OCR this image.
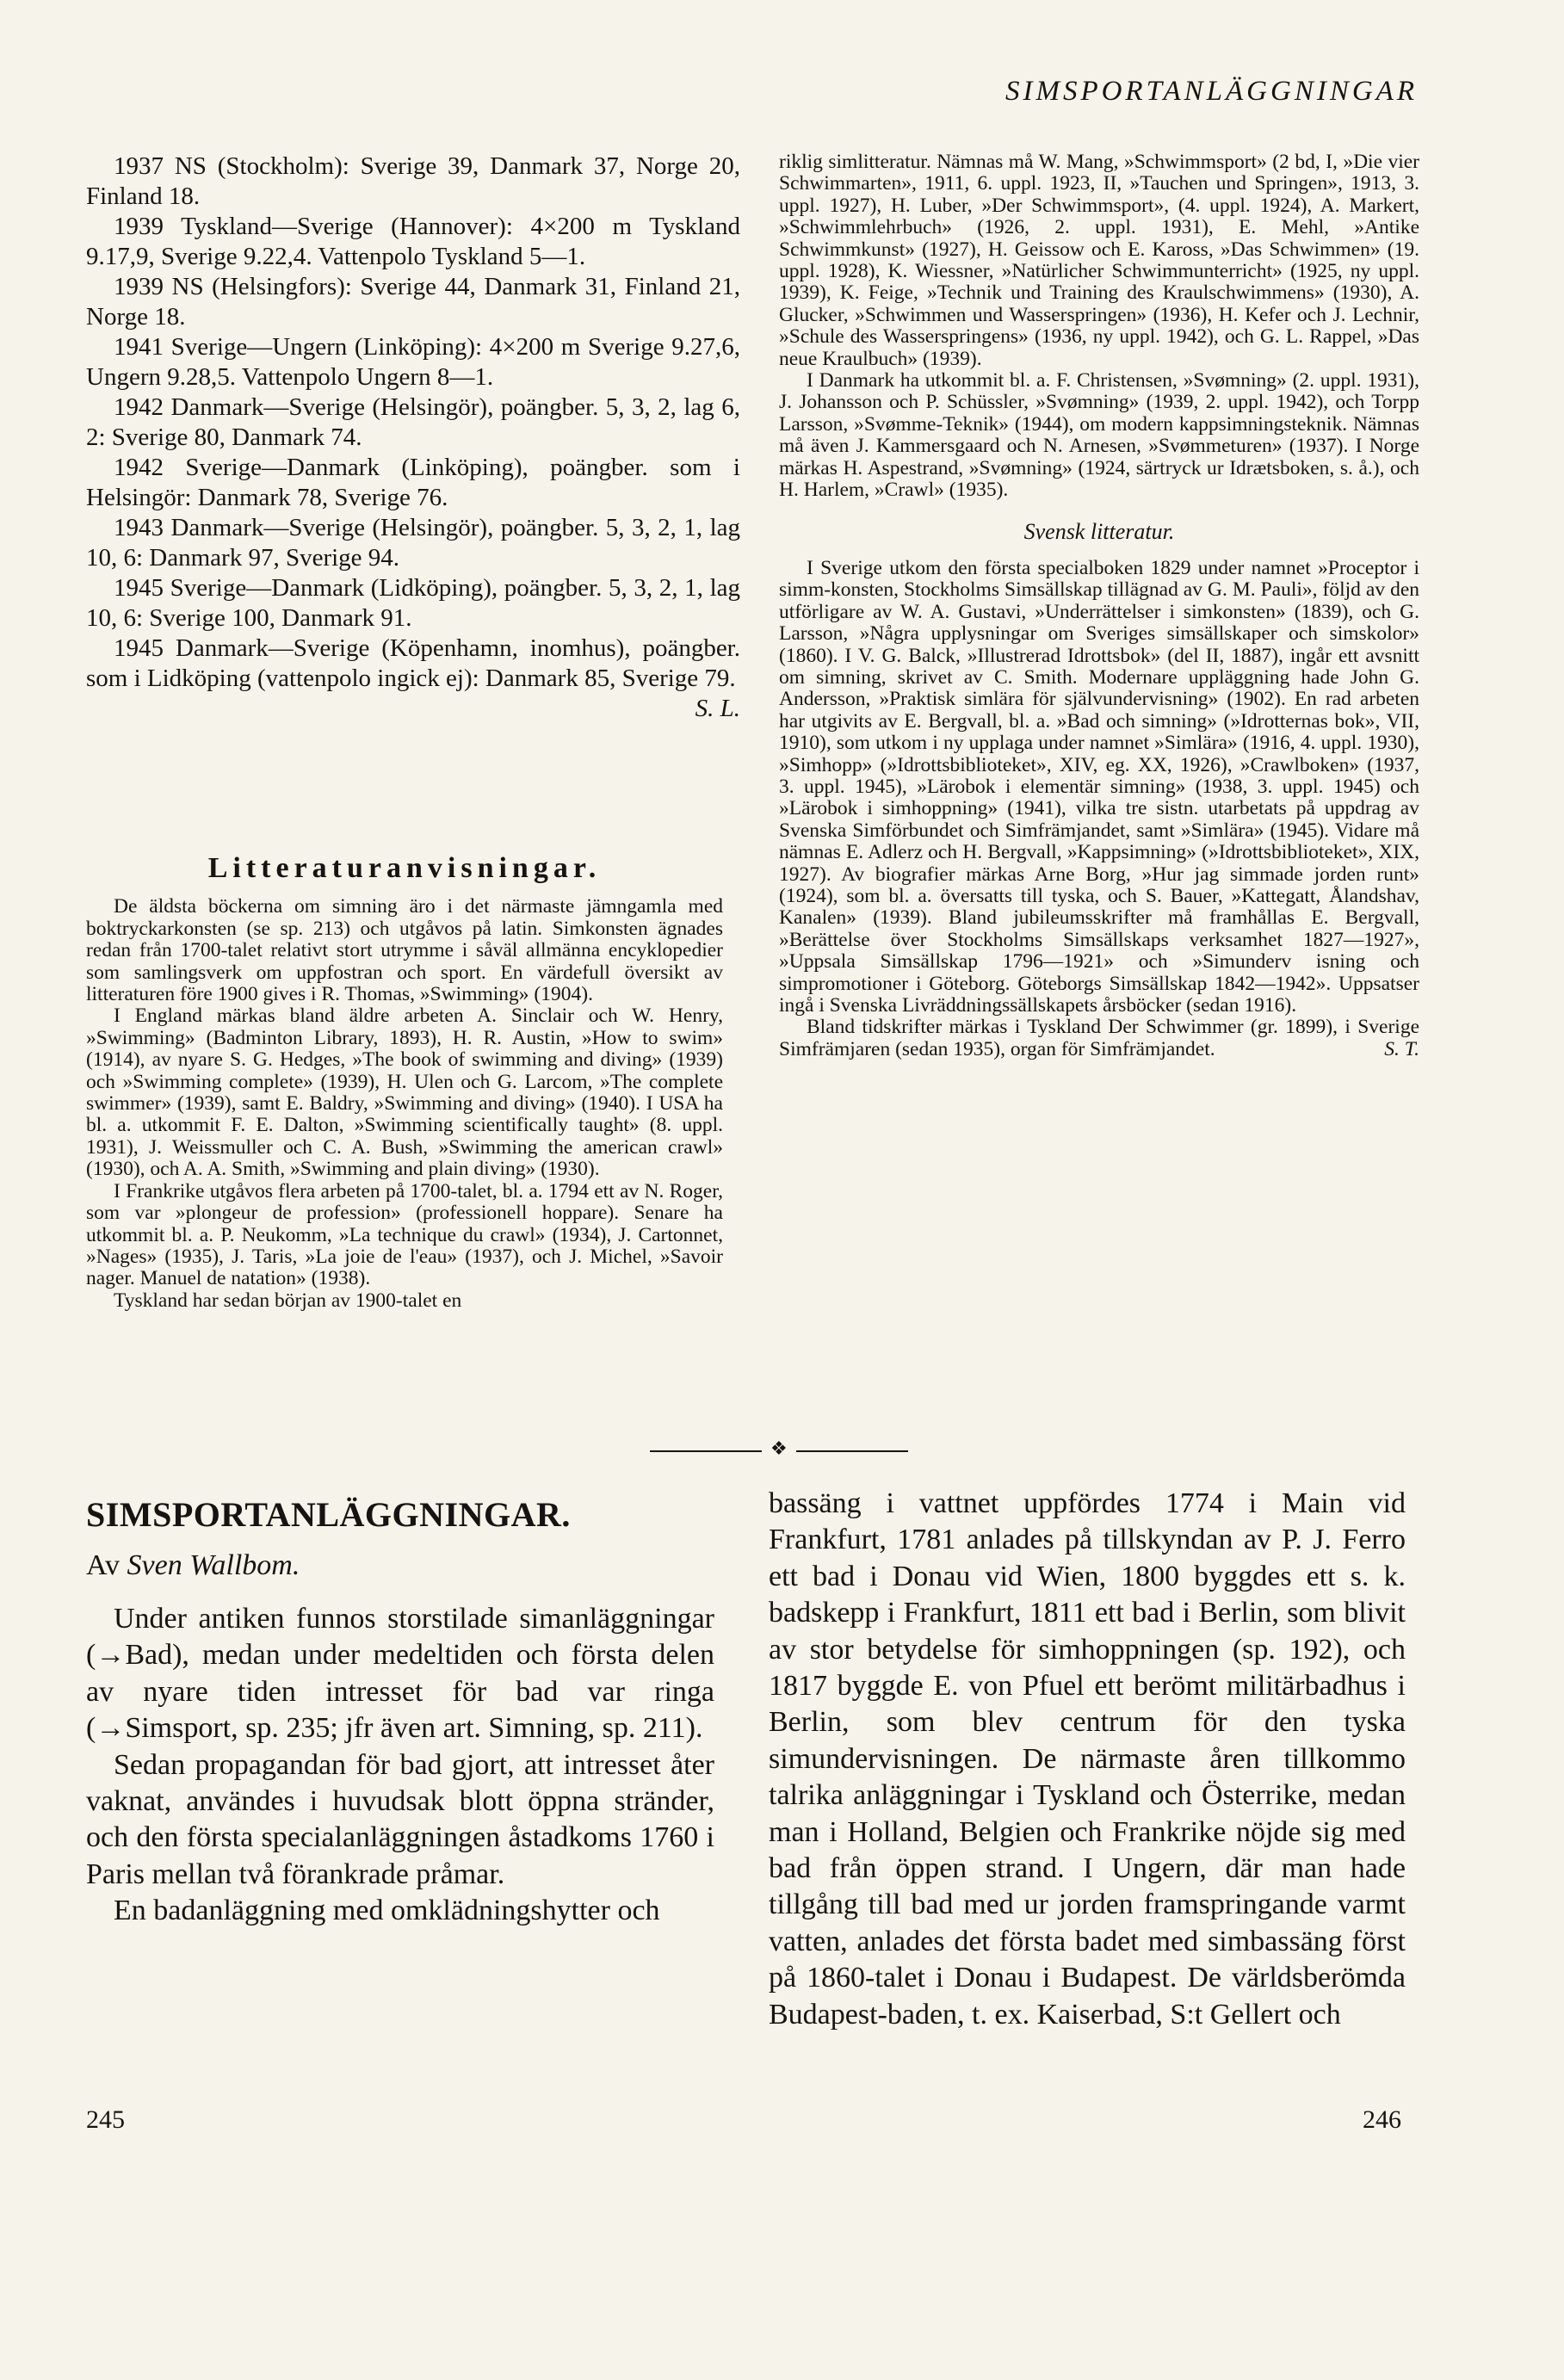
SIMSPORTANLÄGGNINGAR

1937 NS (Stockholm): Sverige 39, Danmark 37, Norge 20, Finland 18.

1939 Tyskland—Sverige (Hannover): 4×200 m Tyskland 9.17,9, Sverige 9.22,4. Vattenpolo Tyskland 5—1.

1939 NS (Helsingfors): Sverige 44, Danmark 31, Finland 21, Norge 18.

1941 Sverige—Ungern (Linköping): 4×200 m Sverige 9.27,6, Ungern 9.28,5. Vattenpolo Ungern 8—1.

1942 Danmark—Sverige (Helsingör), poängber. 5, 3, 2, lag 6, 2: Sverige 80, Danmark 74.

1942 Sverige—Danmark (Linköping), poängber. som i Helsingör: Danmark 78, Sverige 76.

1943 Danmark—Sverige (Helsingör), poängber. 5, 3, 2, 1, lag 10, 6: Danmark 97, Sverige 94.

1945 Sverige—Danmark (Lidköping), poängber. 5, 3, 2, 1, lag 10, 6: Sverige 100, Danmark 91.

1945 Danmark—Sverige (Köpenhamn, inomhus), poängber. som i Lidköping (vattenpolo ingick ej): Danmark 85, Sverige 79.
S. L.

Litteraturanvisningar.

De äldsta böckerna om simning äro i det närmaste jämngamla med boktryckarkonsten (se sp. 213) och utgåvos på latin. Simkonsten ägnades redan från 1700-talet relativt stort utrymme i såväl allmänna encyklopedier som samlingsverk om uppfostran och sport. En värdefull översikt av litteraturen före 1900 gives i R. Thomas, »Swimming» (1904).

I England märkas bland äldre arbeten A. Sinclair och W. Henry, »Swimming» (Badminton Library, 1893), H. R. Austin, »How to swim» (1914), av nyare S. G. Hedges, »The book of swimming and diving» (1939) och »Swimming complete» (1939), H. Ulen och G. Larcom, »The complete swimmer» (1939), samt E. Baldry, »Swimming and diving» (1940). I USA ha bl. a. utkommit F. E. Dalton, »Swimming scientifically taught» (8. uppl. 1931), J. Weissmuller och C. A. Bush, »Swimming the american crawl» (1930), och A. A. Smith, »Swimming and plain diving» (1930).

I Frankrike utgåvos flera arbeten på 1700-talet, bl. a. 1794 ett av N. Roger, som var »plongeur de profession» (professionell hoppare). Senare ha utkommit bl. a. P. Neukomm, »La technique du crawl» (1934), J. Cartonnet, »Nages» (1935), J. Taris, »La joie de l'eau» (1937), och J. Michel, »Savoir nager. Manuel de natation» (1938).

Tyskland har sedan början av 1900-talet en

riklig simlitteratur. Nämnas må W. Mang, »Schwimmsport» (2 bd, I, »Die vier Schwimmarten», 1911, 6. uppl. 1923, II, »Tauchen und Springen», 1913, 3. uppl. 1927), H. Luber, »Der Schwimmsport», (4. uppl. 1924), A. Markert, »Schwimmlehrbuch» (1926, 2. uppl. 1931), E. Mehl, »Antike Schwimmkunst» (1927), H. Geissow och E. Kaross, »Das Schwimmen» (19. uppl. 1928), K. Wiessner, »Natürlicher Schwimmunterricht» (1925, ny uppl. 1939), K. Feige, »Technik und Training des Kraulschwimmens» (1930), A. Glucker, »Schwimmen und Wasserspringen» (1936), H. Kefer och J. Lechnir, »Schule des Wasserspringens» (1936, ny uppl. 1942), och G. L. Rappel, »Das neue Kraulbuch» (1939).

I Danmark ha utkommit bl. a. F. Christensen, »Svømning» (2. uppl. 1931), J. Johansson och P. Schüssler, »Svømning» (1939, 2. uppl. 1942), och Torpp Larsson, »Svømme-Teknik» (1944), om modern kappsimningsteknik. Nämnas må även J. Kammersgaard och N. Arnesen, »Svømmeturen» (1937). I Norge märkas H. Aspestrand, »Svømning» (1924, särtryck ur Idrætsboken, s. å.), och H. Harlem, »Crawl» (1935).

Svensk litteratur.

I Sverige utkom den första specialboken 1829 under namnet »Proceptor i simm-konsten, Stockholms Simsällskap tillägnad av G. M. Pauli», följd av den utförligare av W. A. Gustavi, »Underrättelser i simkonsten» (1839), och G. Larsson, »Några upplysningar om Sveriges simsällskaper och simskolor» (1860). I V. G. Balck, »Illustrerad Idrottsbok» (del II, 1887), ingår ett avsnitt om simning, skrivet av C. Smith. Modernare uppläggning hade John G. Andersson, »Praktisk simlära för självundervisning» (1902). En rad arbeten har utgivits av E. Bergvall, bl. a. »Bad och simning» (»Idrotternas bok», VII, 1910), som utkom i ny upplaga under namnet »Simlära» (1916, 4. uppl. 1930), »Simhopp» (»Idrottsbiblioteket», XIV, eg. XX, 1926), »Crawlboken» (1937, 3. uppl. 1945), »Lärobok i elementär simning» (1938, 3. uppl. 1945) och »Lärobok i simhoppning» (1941), vilka tre sistn. utarbetats på uppdrag av Svenska Simförbundet och Simfrämjandet, samt »Simlära» (1945). Vidare må nämnas E. Adlerz och H. Bergvall, »Kappsimning» (»Idrottsbiblioteket», XIX, 1927). Av biografier märkas Arne Borg, »Hur jag simmade jorden runt» (1924), som bl. a. översatts till tyska, och S. Bauer, »Kattegatt, Ålandshav, Kanalen» (1939). Bland jubileumsskrifter må framhållas E. Bergvall, »Berättelse över Stockholms Simsällskaps verksamhet 1827—1927», »Uppsala Simsällskap 1796—1921» och »Simunderv isning och simpromotioner i Göteborg. Göteborgs Simsällskap 1842—1942». Uppsatser ingå i Svenska Livräddningssällskapets årsböcker (sedan 1916).

Bland tidskrifter märkas i Tyskland Der Schwimmer (gr. 1899), i Sverige Simfrämjaren (sedan 1935), organ för Simfrämjandet.	S. T.

❖
SIMSPORTANLÄGGNINGAR.
Av Sven Wallbom.

Under antiken funnos storstilade simanläggningar (→Bad), medan under medeltiden och första delen av nyare tiden intresset för bad var ringa (→Simsport, sp. 235; jfr även art. Simning, sp. 211).

Sedan propagandan för bad gjort, att intresset åter vaknat, användes i huvudsak blott öppna stränder, och den första specialanläggningen åstadkoms 1760 i Paris mellan två förankrade pråmar.

En badanläggning med omklädningshytter och

bassäng i vattnet uppfördes 1774 i Main vid Frankfurt, 1781 anlades på tillskyndan av P. J. Ferro ett bad i Donau vid Wien, 1800 byggdes ett s. k. badskepp i Frankfurt, 1811 ett bad i Berlin, som blivit av stor betydelse för simhoppningen (sp. 192), och 1817 byggde E. von Pfuel ett berömt militärbadhus i Berlin, som blev centrum för den tyska simundervisningen. De närmaste åren tillkommo talrika anläggningar i Tyskland och Österrike, medan man i Holland, Belgien och Frankrike nöjde sig med bad från öppen strand. I Ungern, där man hade tillgång till bad med ur jorden framspringande varmt vatten, anlades det första badet med simbassäng först på 1860-talet i Donau i Budapest. De världsberömda Budapest-baden, t. ex. Kaiserbad, S:t Gellert och

245	246
